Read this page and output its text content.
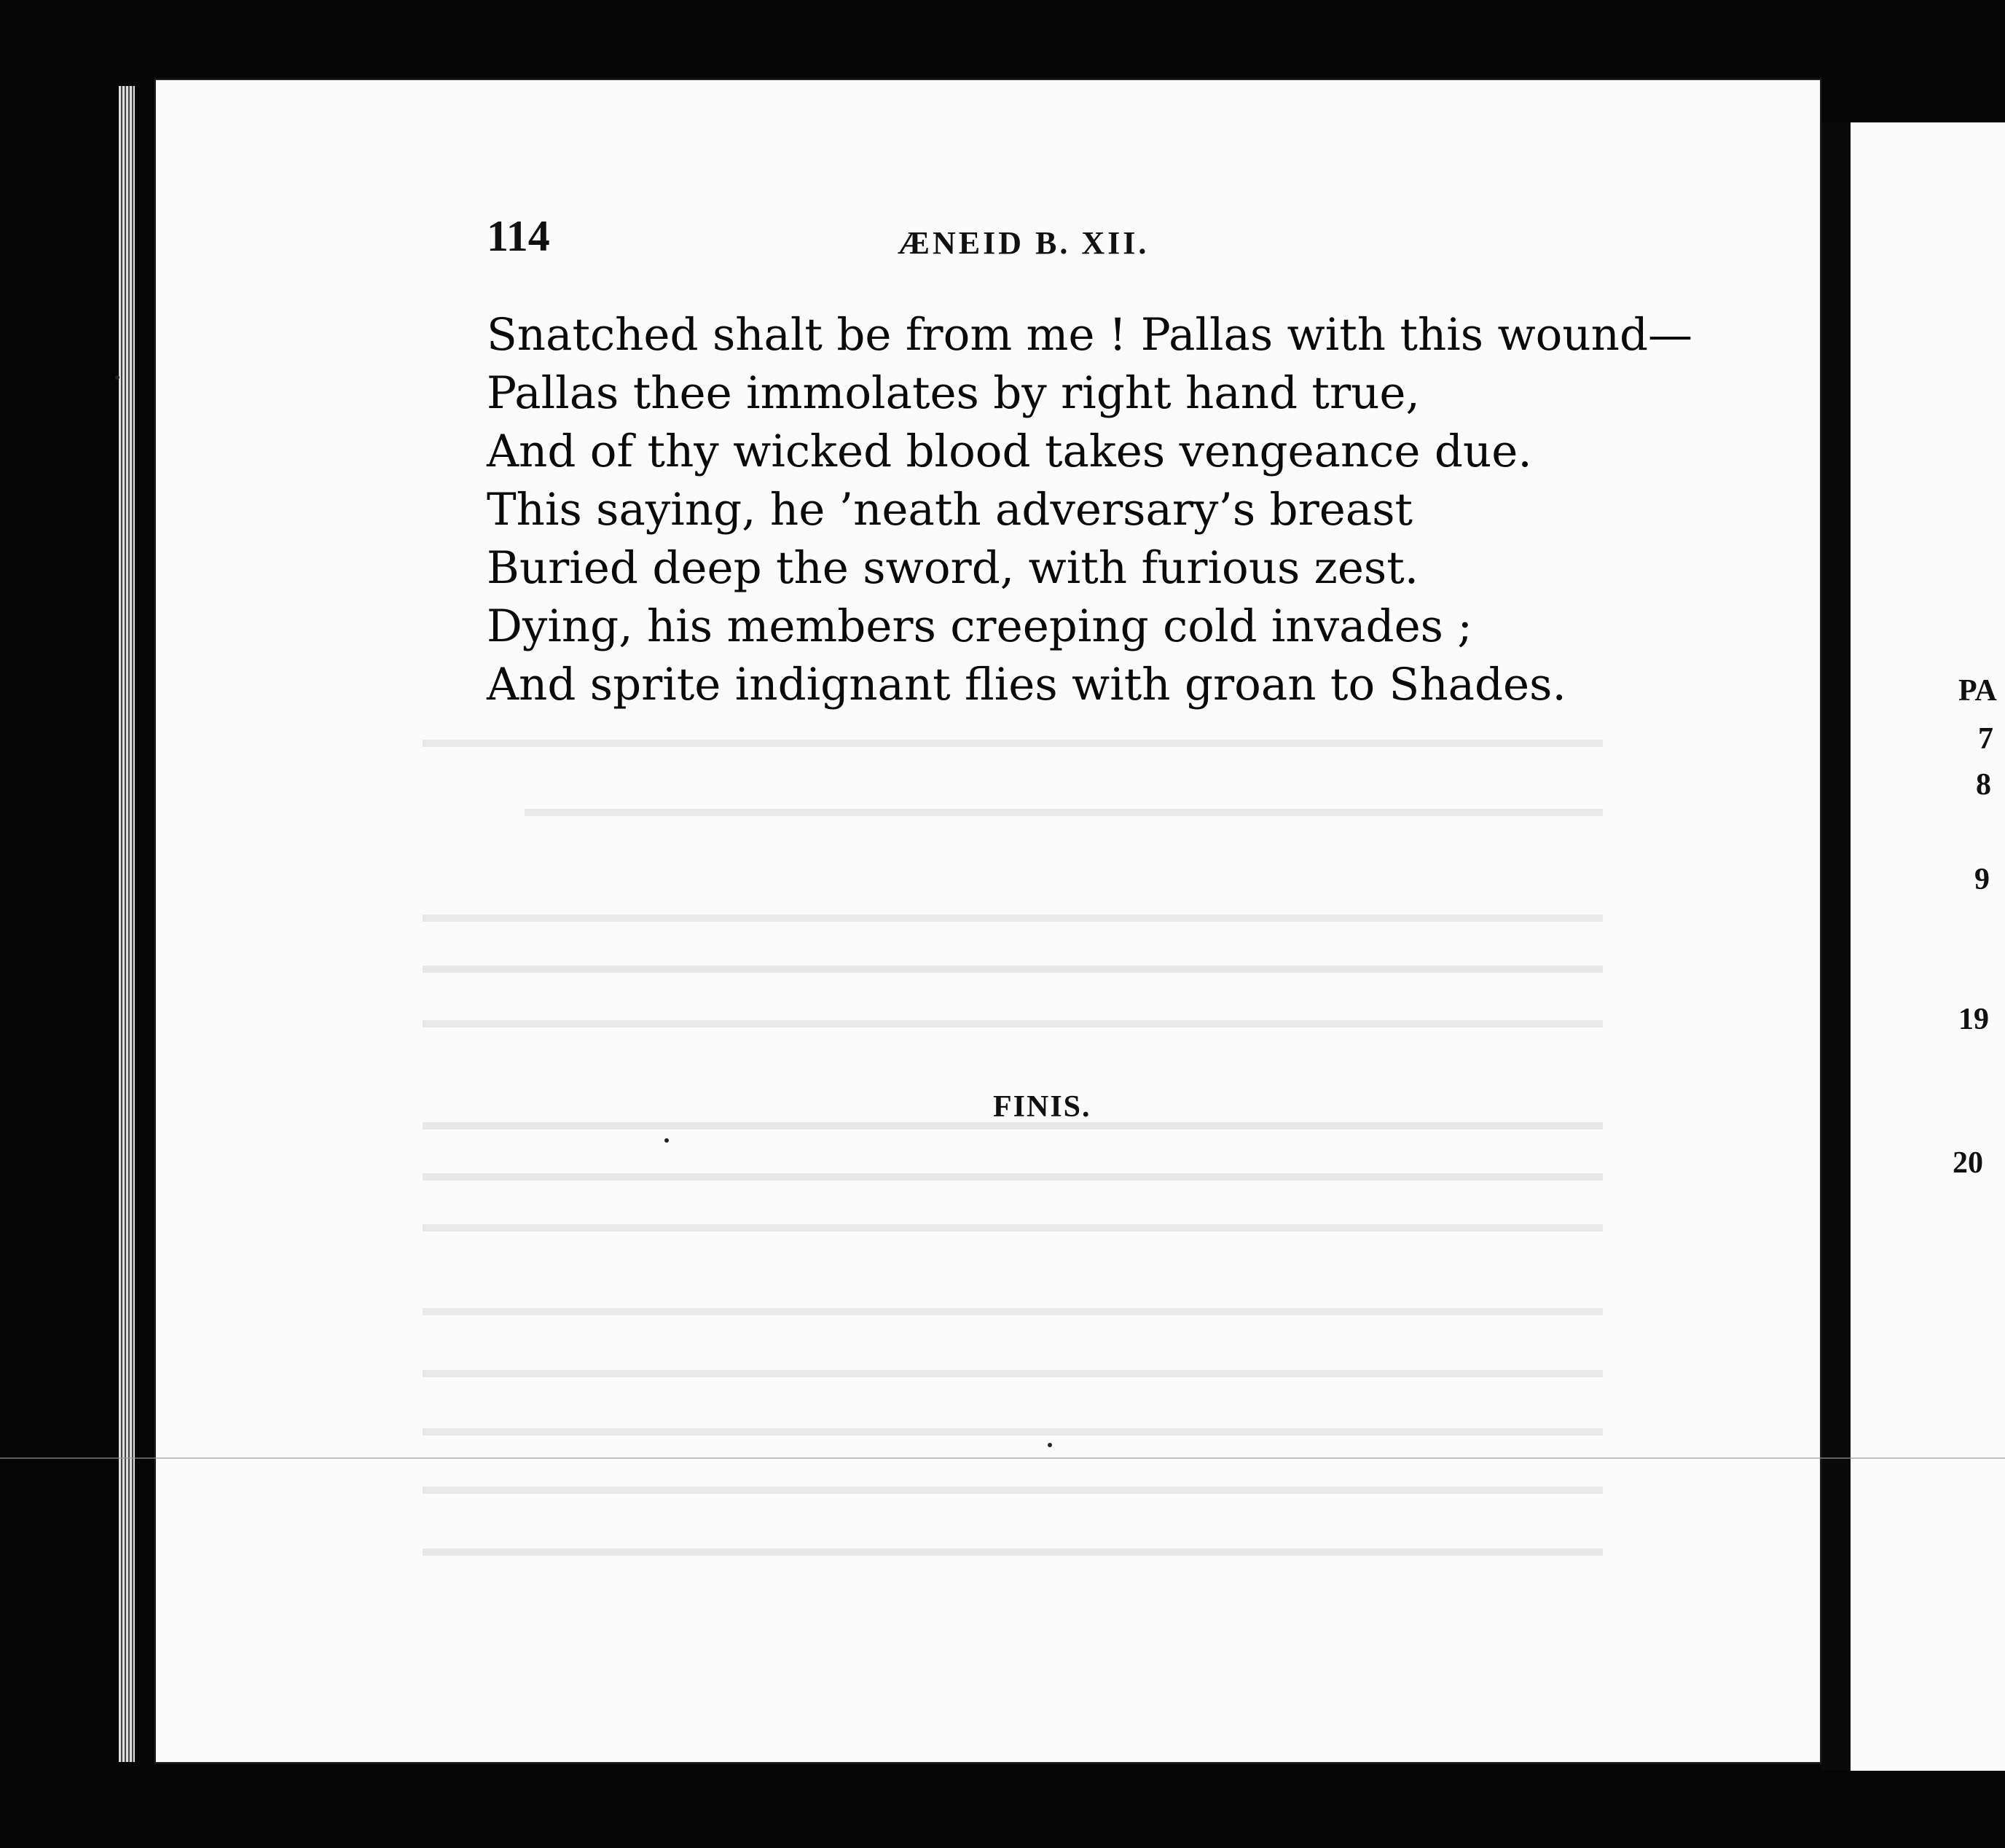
114	ÆNEID B. XII.
Snatched shalt be from me ! Pallas with this wound—
Pallas thee immolates by right hand true,
And of thy wicked blood takes vengeance due.
This saying, he ’neath adversary’s breast
Buried deep the sword, with furious zest.
Dying, his members creeping cold invades ;
And sprite indignant flies with groan to Shades.
FINIS.
PA
7
8
9
19
20
